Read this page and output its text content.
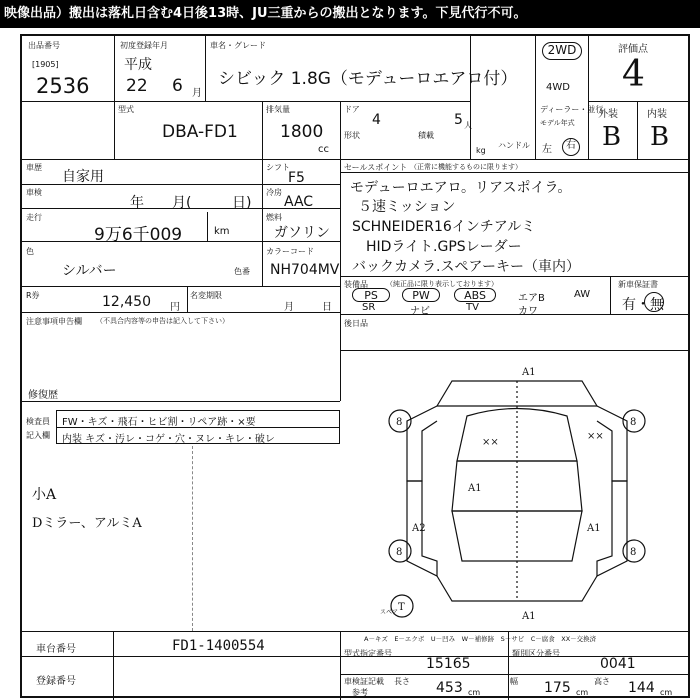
映像出品）搬出は落札日含む4日後13時、JU三重からの搬出となります。下見代行不可。
出品番号
[1905]
2536
初度登録年月
平成
22 6 月
車名・グレード
シビック 1.8G（モデューロエアロ付）
2WD
4WD
評価点
4
外装	内装
B B
型式
DBA-FD1
排気量
1800
cc
ドア
4	5 人
形状	積載
kg
ディーラー・並行
モデル年式
ハンドル 左	右
車歴
自家用
シフト
F5
車検
年 月(	日)
冷房
AAC
走行
9万6千009	km
燃料
ガソリン
色
シルバー	色番
カラーコード
NH704MV
R券	12,450 円
名変期限
月	日
注意事項申告欄 （不具合内容等の申告は記入して下さい）
修復歴
セールスポイント （正常に機能するものに限ります）
モデューロエアロ。リアスポイラ。
５速ミッション
SCHNEIDER16インチアルミ
HIDライト.GPSレーダー
バックカメラ.スペアーキー（車内）
装備品	（純正品に限り表示しております）
PS	PW	ABS	エアB	AW
SR	ナビ	TV	カワ
新車保証書
有・無
後日品
検査員
記入欄
FW・キズ・飛石・ヒビ割・リペア跡・×要
内装 キズ・汚レ・コゲ・穴・ヌレ・キレ・破レ
小A
Dミラー、アルミA
A1
××
××
A1
A2	A1
A1
8	8
8	8
T
スペア
A－キズ　E－エクボ　U－凹み　W－補修跡　S－サビ　C－腐食　XX－交換済
車台番号	FD1-1400554
登録番号
型式指定番号
15165
類別区分番号
0041
車検証記載
参考
長さ 453 cm
幅 175 cm
高さ 144 cm
